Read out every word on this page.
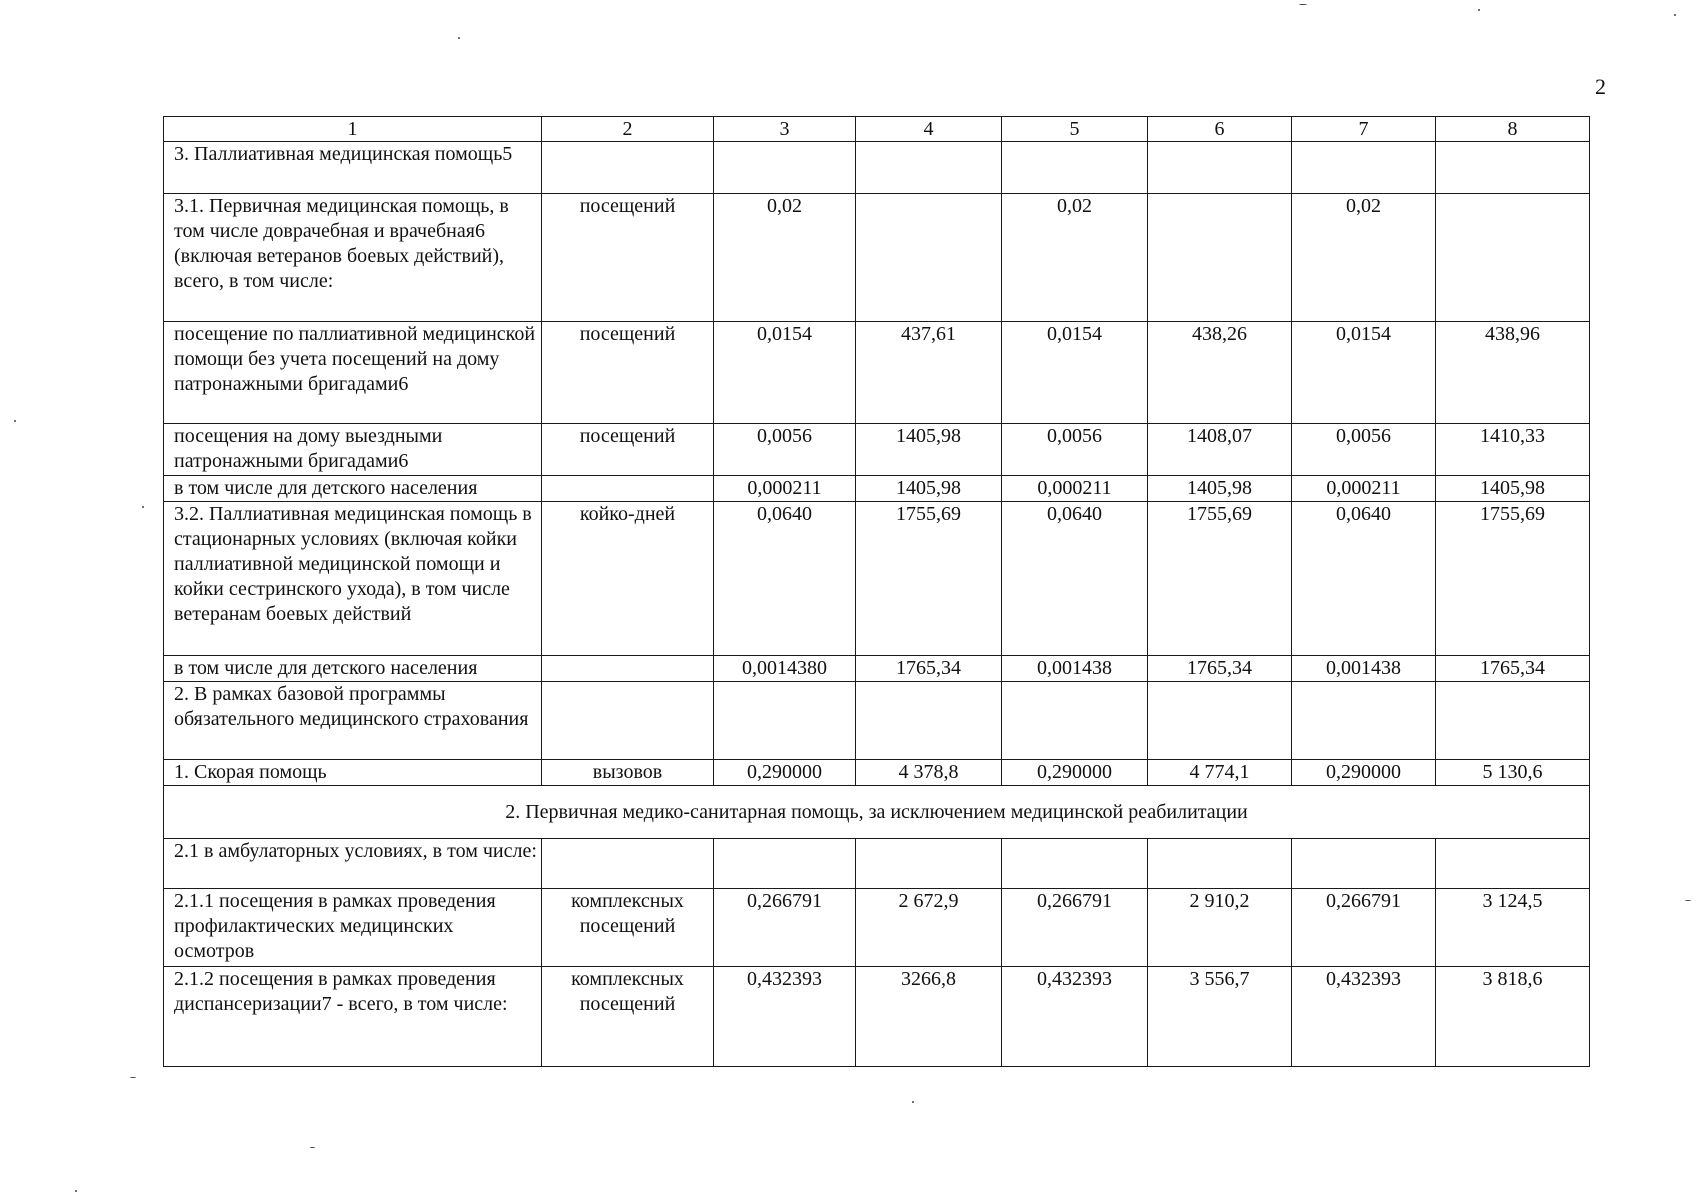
2
1	2	3	4	5	6	7	8
3. Паллиативная медицинская помощь5							
3.1. Первичная медицинская помощь, в том числе доврачебная и врачебная6 (включая ветеранов боевых действий), всего, в том числе:	посещений	0,02		0,02		0,02	
посещение по паллиативной медицинской помощи без учета посещений на дому патронажными бригадами6	посещений	0,0154	437,61	0,0154	438,26	0,0154	438,96
посещения на дому выездными патронажными бригадами6	посещений	0,0056	1405,98	0,0056	1408,07	0,0056	1410,33
в том числе для детского населения		0,000211	1405,98	0,000211	1405,98	0,000211	1405,98
3.2. Паллиативная медицинская помощь в стационарных условиях (включая койки паллиативной медицинской помощи и койки сестринского ухода), в том числе ветеранам боевых действий	койко-дней	0,0640	1755,69	0,0640	1755,69	0,0640	1755,69
в том числе для детского населения		0,0014380	1765,34	0,001438	1765,34	0,001438	1765,34
2. В рамках базовой программы обязательного медицинского страхования							
1. Скорая помощь	вызовов	0,290000	4 378,8	0,290000	4 774,1	0,290000	5 130,6
2. Первичная медико-санитарная помощь, за исключением медицинской реабилитации							
2.1 в амбулаторных условиях, в том числе:							
2.1.1 посещения в рамках проведения профилактических медицинских осмотров	комплексных посещений	0,266791	2 672,9	0,266791	2 910,2	0,266791	3 124,5
2.1.2 посещения в рамках проведения диспансеризации7 - всего, в том числе:	комплексных посещений	0,432393	3266,8	0,432393	3 556,7	0,432393	3 818,6
